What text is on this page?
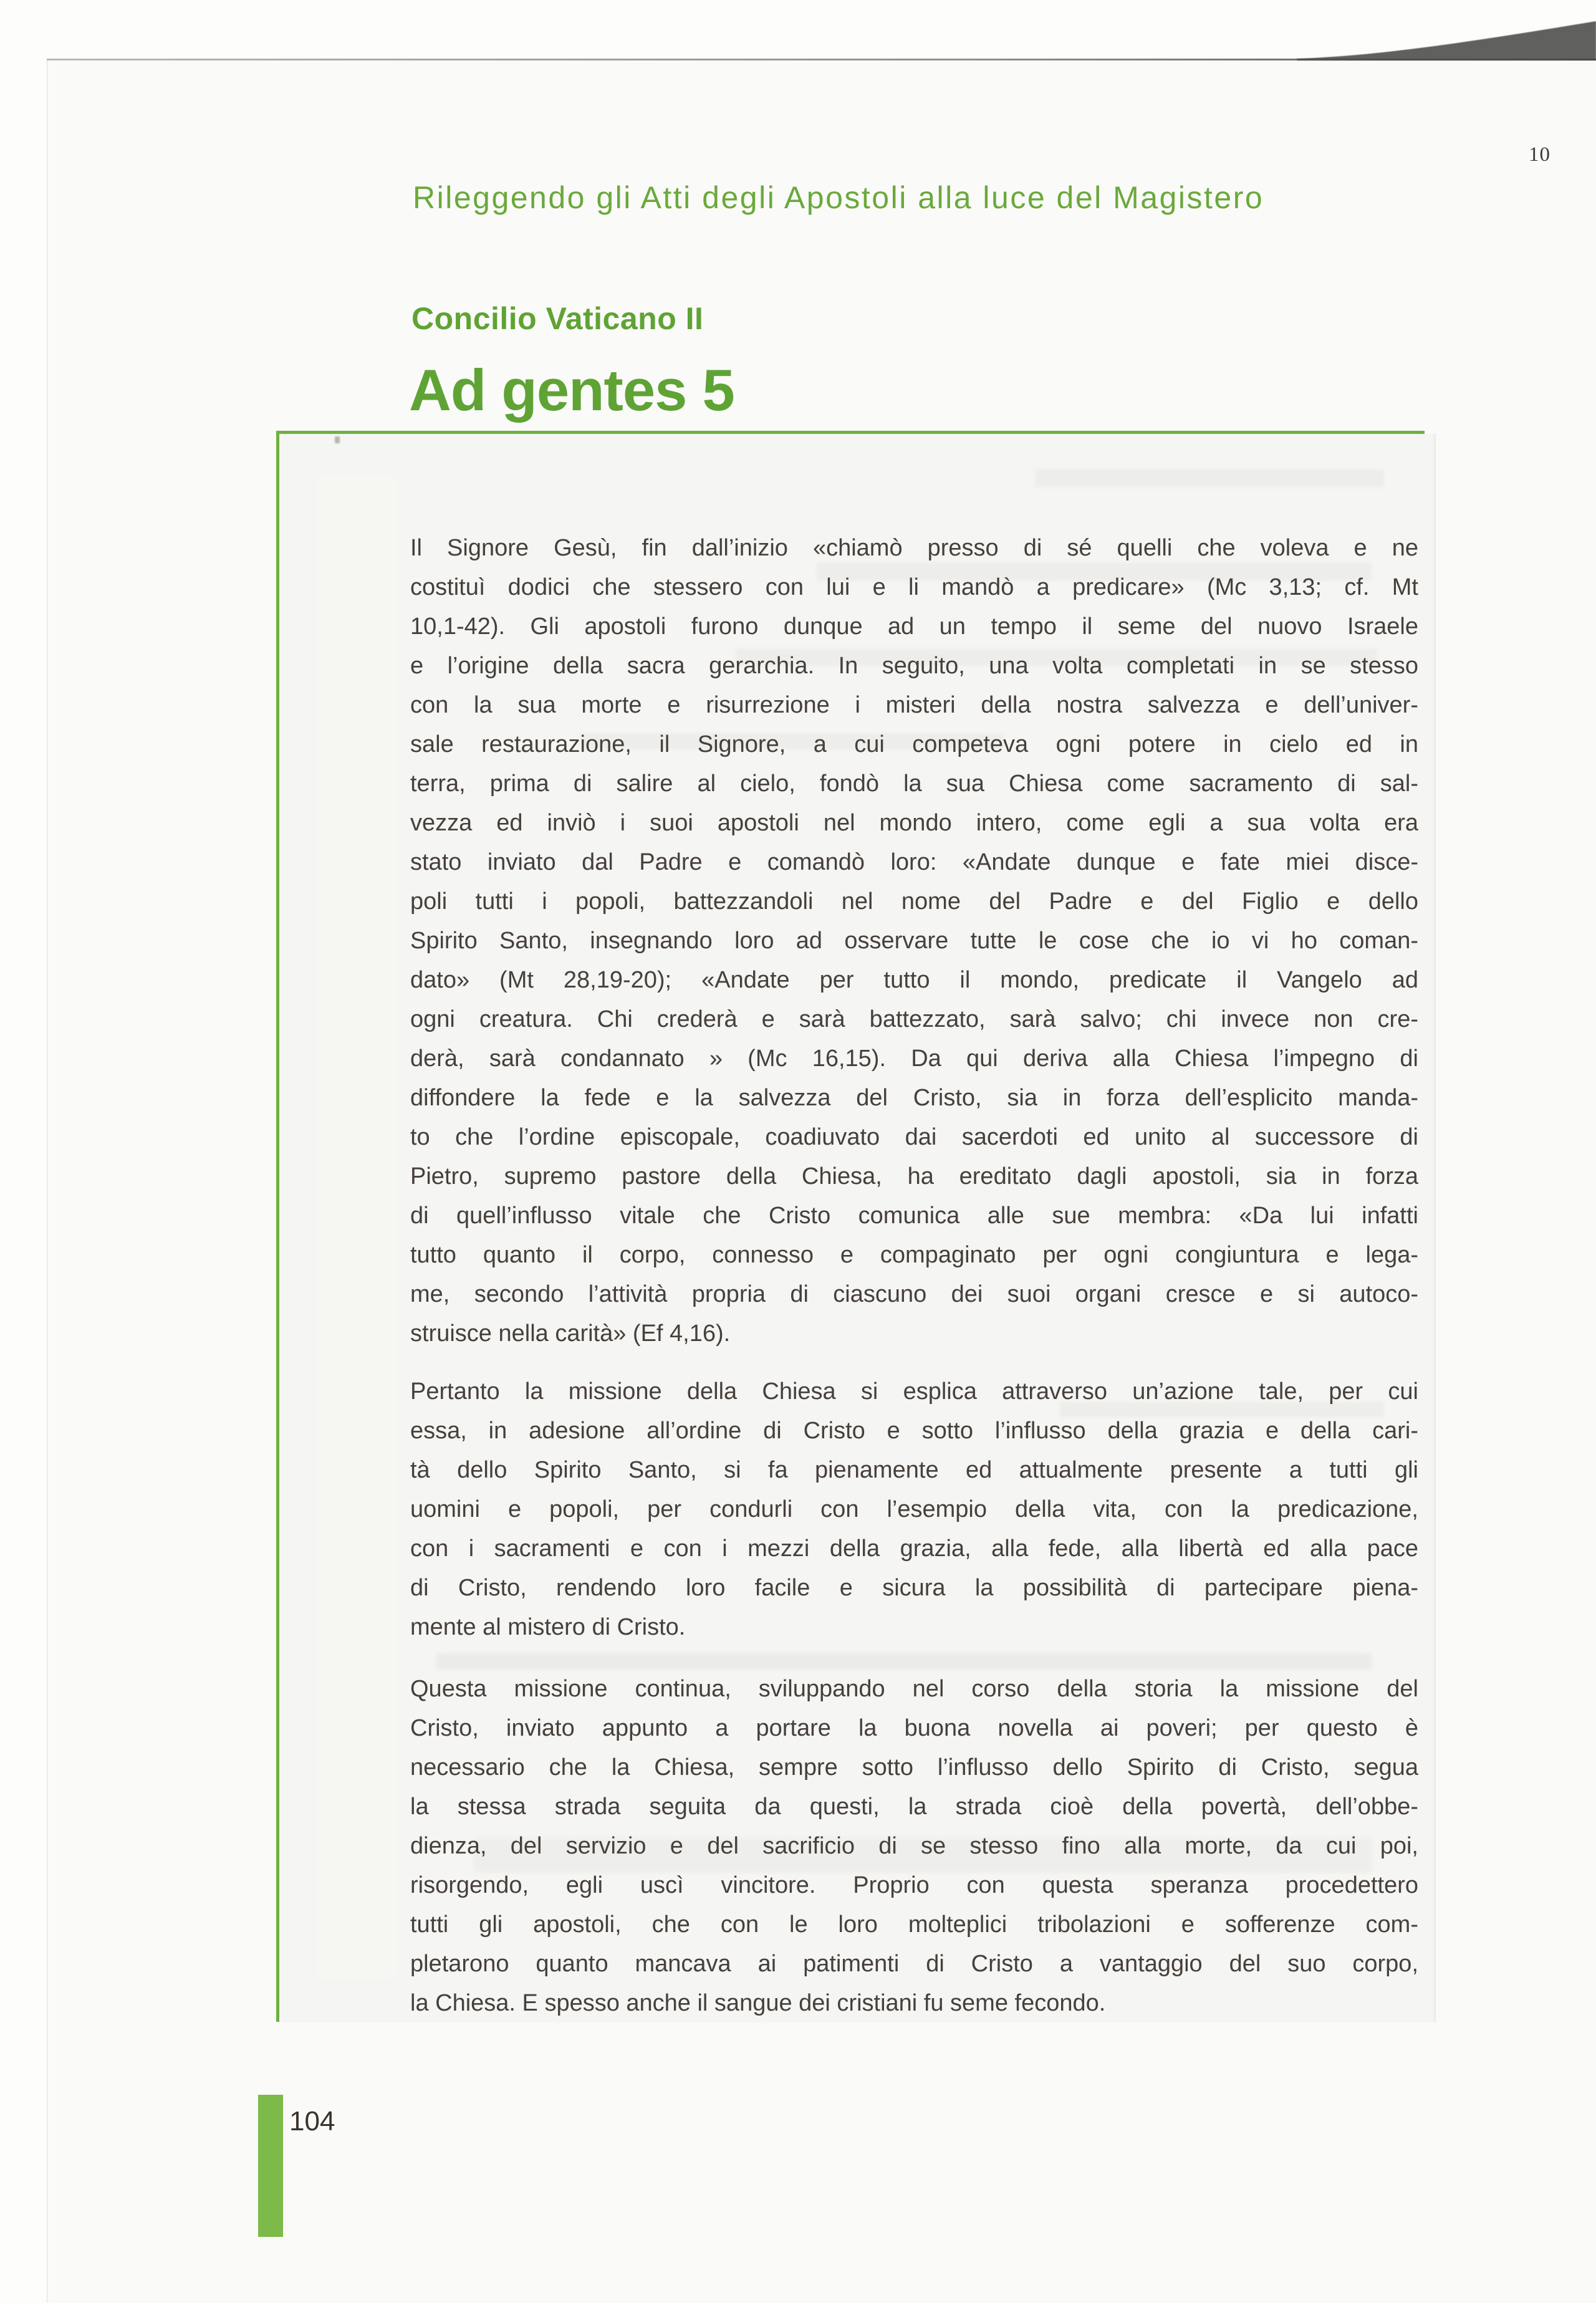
10
Rileggendo gli Atti degli Apostoli alla luce del Magistero
Concilio Vaticano II
Ad gentes 5
Il Signore Gesù, fin dall’inizio «chiamò presso di sé quelli che voleva e ne
costituì dodici che stessero con lui e li mandò a predicare» (Mc 3,13; cf. Mt
10,1-42). Gli apostoli furono dunque ad un tempo il seme del nuovo Israele
e l’origine della sacra gerarchia. In seguito, una volta completati in se stesso
con la sua morte e risurrezione i misteri della nostra salvezza e dell’univer-
sale restaurazione, il Signore, a cui competeva ogni potere in cielo ed in
terra, prima di salire al cielo, fondò la sua Chiesa come sacramento di sal-
vezza ed inviò i suoi apostoli nel mondo intero, come egli a sua volta era
stato inviato dal Padre e comandò loro: «Andate dunque e fate miei disce-
poli tutti i popoli, battezzandoli nel nome del Padre e del Figlio e dello
Spirito Santo, insegnando loro ad osservare tutte le cose che io vi ho coman-
dato» (Mt 28,19-20); «Andate per tutto il mondo, predicate il Vangelo ad
ogni creatura. Chi crederà e sarà battezzato, sarà salvo; chi invece non cre-
derà, sarà condannato » (Mc 16,15). Da qui deriva alla Chiesa l’impegno di
diffondere la fede e la salvezza del Cristo, sia in forza dell’esplicito manda-
to che l’ordine episcopale, coadiuvato dai sacerdoti ed unito al successore di
Pietro, supremo pastore della Chiesa, ha ereditato dagli apostoli, sia in forza
di quell’influsso vitale che Cristo comunica alle sue membra: «Da lui infatti
tutto quanto il corpo, connesso e compaginato per ogni congiuntura e lega-
me, secondo l’attività propria di ciascuno dei suoi organi cresce e si autoco-
struisce nella carità» (Ef 4,16).
Pertanto la missione della Chiesa si esplica attraverso un’azione tale, per cui
essa, in adesione all’ordine di Cristo e sotto l’influsso della grazia e della cari-
tà dello Spirito Santo, si fa pienamente ed attualmente presente a tutti gli
uomini e popoli, per condurli con l’esempio della vita, con la predicazione,
con i sacramenti e con i mezzi della grazia, alla fede, alla libertà ed alla pace
di Cristo, rendendo loro facile e sicura la possibilità di partecipare piena-
mente al mistero di Cristo.
Questa missione continua, sviluppando nel corso della storia la missione del
Cristo, inviato appunto a portare la buona novella ai poveri; per questo è
necessario che la Chiesa, sempre sotto l’influsso dello Spirito di Cristo, segua
la stessa strada seguita da questi, la strada cioè della povertà, dell’obbe-
dienza, del servizio e del sacrificio di se stesso fino alla morte, da cui poi,
risorgendo, egli uscì vincitore. Proprio con questa speranza procedettero
tutti gli apostoli, che con le loro molteplici tribolazioni e sofferenze com-
pletarono quanto mancava ai patimenti di Cristo a vantaggio del suo corpo,
la Chiesa. E spesso anche il sangue dei cristiani fu seme fecondo.
104
